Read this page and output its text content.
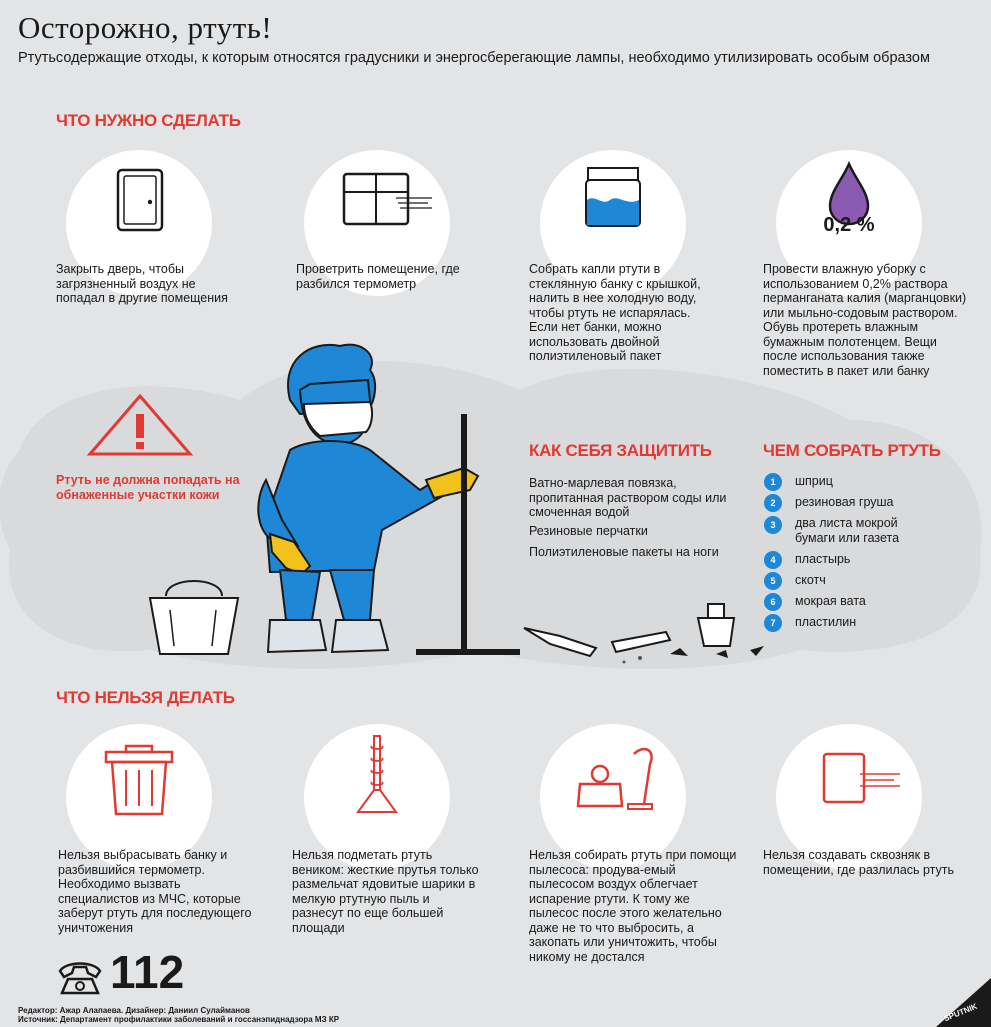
Осторожно, ртуть!
Ртутьсодержащие отходы, к которым относятся градусники и энергосберегающие лампы, необходимо утилизировать особым образом
ЧТО НУЖНО СДЕЛАТЬ
0,2 %
Закрыть дверь, чтобы загрязненный воздух не попадал в другие помещения
Проветрить помещение, где разбился термометр
Собрать капли ртути в стеклянную банку с крышкой, налить в нее холодную воду, чтобы ртуть не испарялась. Если нет банки, можно использовать двойной полиэтиленовый пакет
Провести влажную уборку с использованием 0,2% раствора перманганата калия (марганцовки) или мыльно-содовым раствором. Обувь протереть влажным бумажным полотенцем. Вещи после использования также поместить в пакет или банку
Ртуть не должна попадать на обнаженные участки кожи
КАК СЕБЯ ЗАЩИТИТЬ
Ватно-марлевая повязка, пропитанная раствором соды или смоченная водой
Резиновые перчатки
Полиэтиленовые пакеты на ноги
ЧЕМ СОБРАТЬ РТУТЬ
1	шприц
2	резиновая груша
3	два листа мокрой бумаги или газета
4	пластырь
5	скотч
6	мокрая вата
7	пластилин
ЧТО НЕЛЬЗЯ ДЕЛАТЬ
Нельзя выбрасывать банку и разбившийся термометр. Необходимо вызвать специалистов из МЧС, которые заберут ртуть для последующего уничтожения
Нельзя подметать ртуть веником: жесткие прутья только размельчат ядовитые шарики в мелкую ртутную пыль и разнесут по еще большей площади
Нельзя собирать ртуть при помощи пылесоса: продува-емый пылесосом воздух облегчает испарение ртути. К тому же пылесос после этого желательно даже не то что выбросить, а закопать или уничтожить, чтобы никому не достался
Нельзя создавать сквозняк в помещении, где разлилась ртуть
112
Редактор: Ажар Алапаева. Дизайнер: Даниил Сулайманов
Источник: Департамент профилактики заболеваний и госсанэпиднадзора МЗ КР	SPUTNIK
